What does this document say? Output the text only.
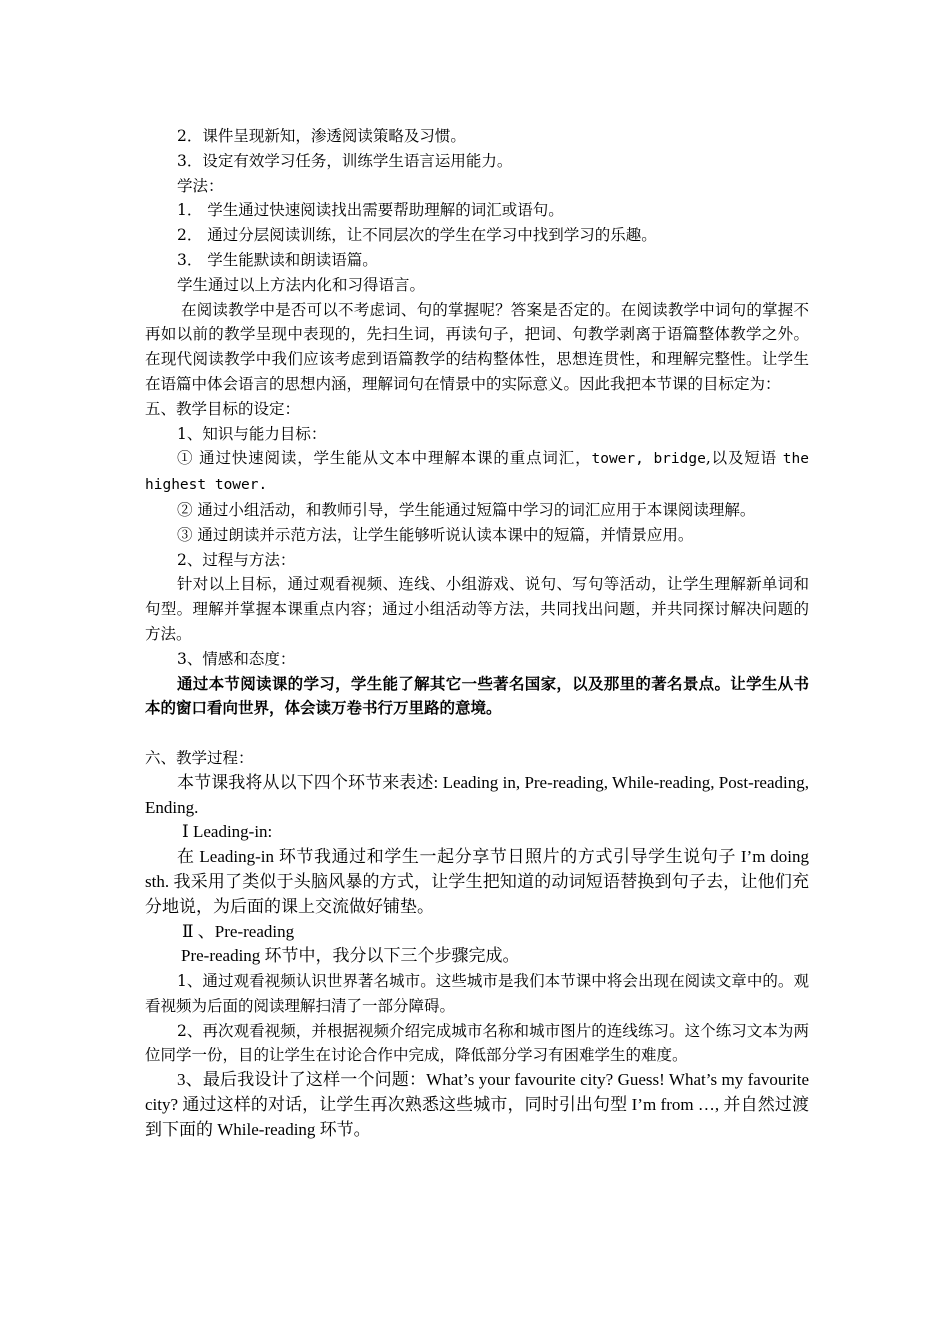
2．课件呈现新知，渗透阅读策略及习惯。

3．设定有效学习任务，训练学生语言运用能力。

学法：

1． 学生通过快速阅读找出需要帮助理解的词汇或语句。

2． 通过分层阅读训练，让不同层次的学生在学习中找到学习的乐趣。

3． 学生能默读和朗读语篇。

学生通过以上方法内化和习得语言。

在阅读教学中是否可以不考虑词、句的掌握呢？答案是否定的。在阅读教学中词句的掌握不再如以前的教学呈现中表现的，先扫生词，再读句子，把词、句教学剥离于语篇整体教学之外。在现代阅读教学中我们应该考虑到语篇教学的结构整体性，思想连贯性，和理解完整性。让学生在语篇中体会语言的思想内涵，理解词句在情景中的实际意义。因此我把本节课的目标定为：

五、教学目标的设定：

1、知识与能力目标：

① 通过快速阅读，学生能从文本中理解本课的重点词汇，tower, bridge,以及短语 the highest tower.

② 通过小组活动，和教师引导，学生能通过短篇中学习的词汇应用于本课阅读理解。

③ 通过朗读并示范方法，让学生能够听说认读本课中的短篇，并情景应用。

2、过程与方法：

针对以上目标，通过观看视频、连线、小组游戏、说句、写句等活动，让学生理解新单词和句型。理解并掌握本课重点内容；通过小组活动等方法，共同找出问题，并共同探讨解决问题的方法。

3、情感和态度：

通过本节阅读课的学习，学生能了解其它一些著名国家，以及那里的著名景点。让学生从书本的窗口看向世界，体会读万卷书行万里路的意境。

六、教学过程：

本节课我将从以下四个环节来表述: Leading in, Pre-reading, While-reading, Post-reading, Ending.

Ⅰ Leading-in:

在 Leading-in 环节我通过和学生一起分享节日照片的方式引导学生说句子 I’m doing sth. 我采用了类似于头脑风暴的方式，让学生把知道的动词短语替换到句子去，让他们充分地说，为后面的课上交流做好铺垫。

Ⅱ 、Pre-reading

Pre-reading 环节中，我分以下三个步骤完成。

1、通过观看视频认识世界著名城市。这些城市是我们本节课中将会出现在阅读文章中的。观看视频为后面的阅读理解扫清了一部分障碍。

2、再次观看视频，并根据视频介绍完成城市名称和城市图片的连线练习。这个练习文本为两位同学一份，目的让学生在讨论合作中完成，降低部分学习有困难学生的难度。

3、最后我设计了这样一个问题：What’s your favourite city? Guess! What’s my favourite city? 通过这样的对话，让学生再次熟悉这些城市，同时引出句型 I’m from …, 并自然过渡到下面的 While-reading 环节。
